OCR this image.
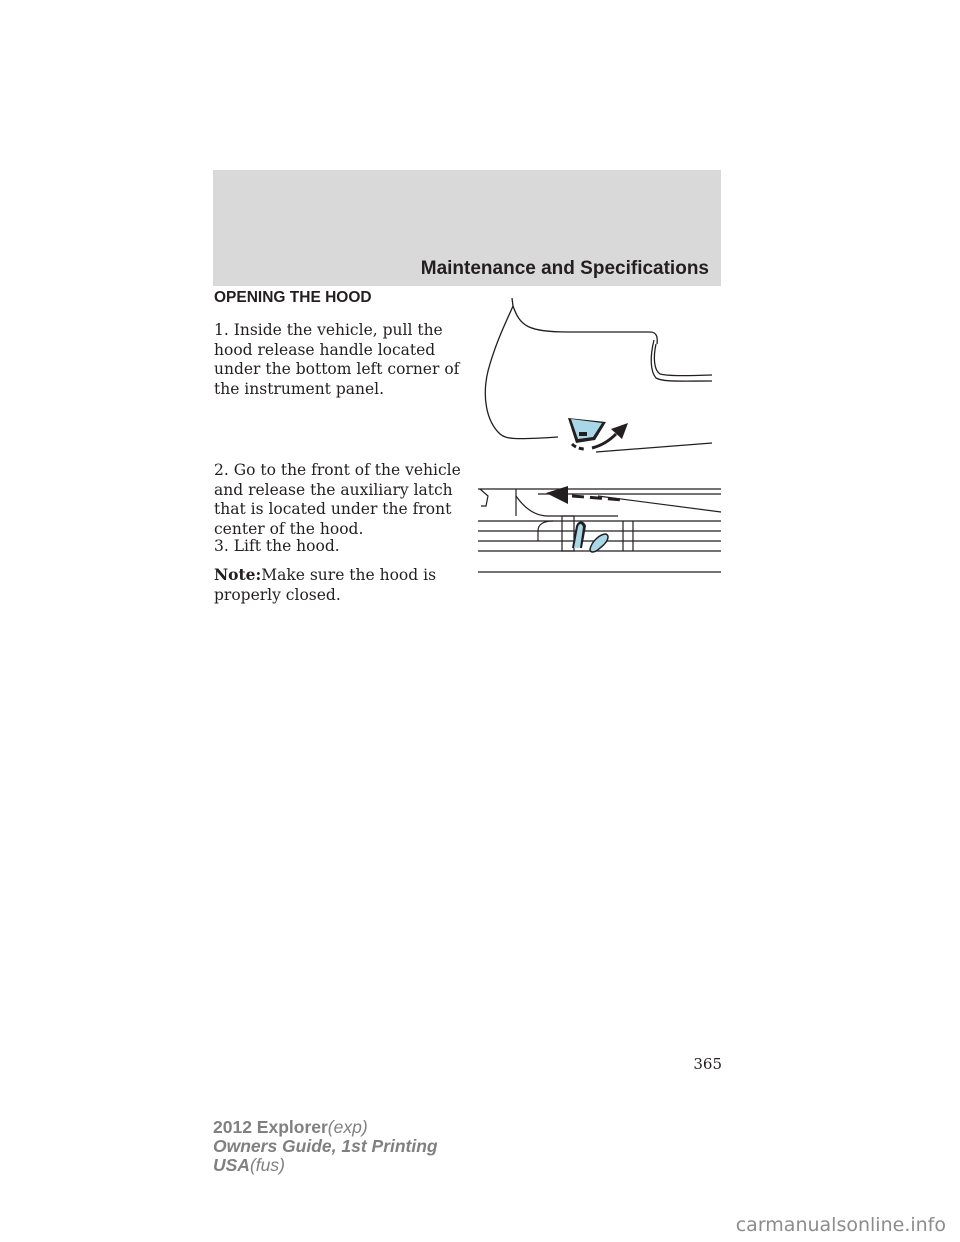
Maintenance and Specifications
OPENING THE HOOD

1. Inside the vehicle, pull the hood release handle located under the bottom left corner of the instrument panel.

2. Go to the front of the vehicle and release the auxiliary latch that is located under the front center of the hood.

3. Lift the hood.

Note:Make sure the hood is properly closed.

365
2012 Explorer(exp)
Owners Guide, 1st Printing
USA(fus)
carmanualsonline.info
